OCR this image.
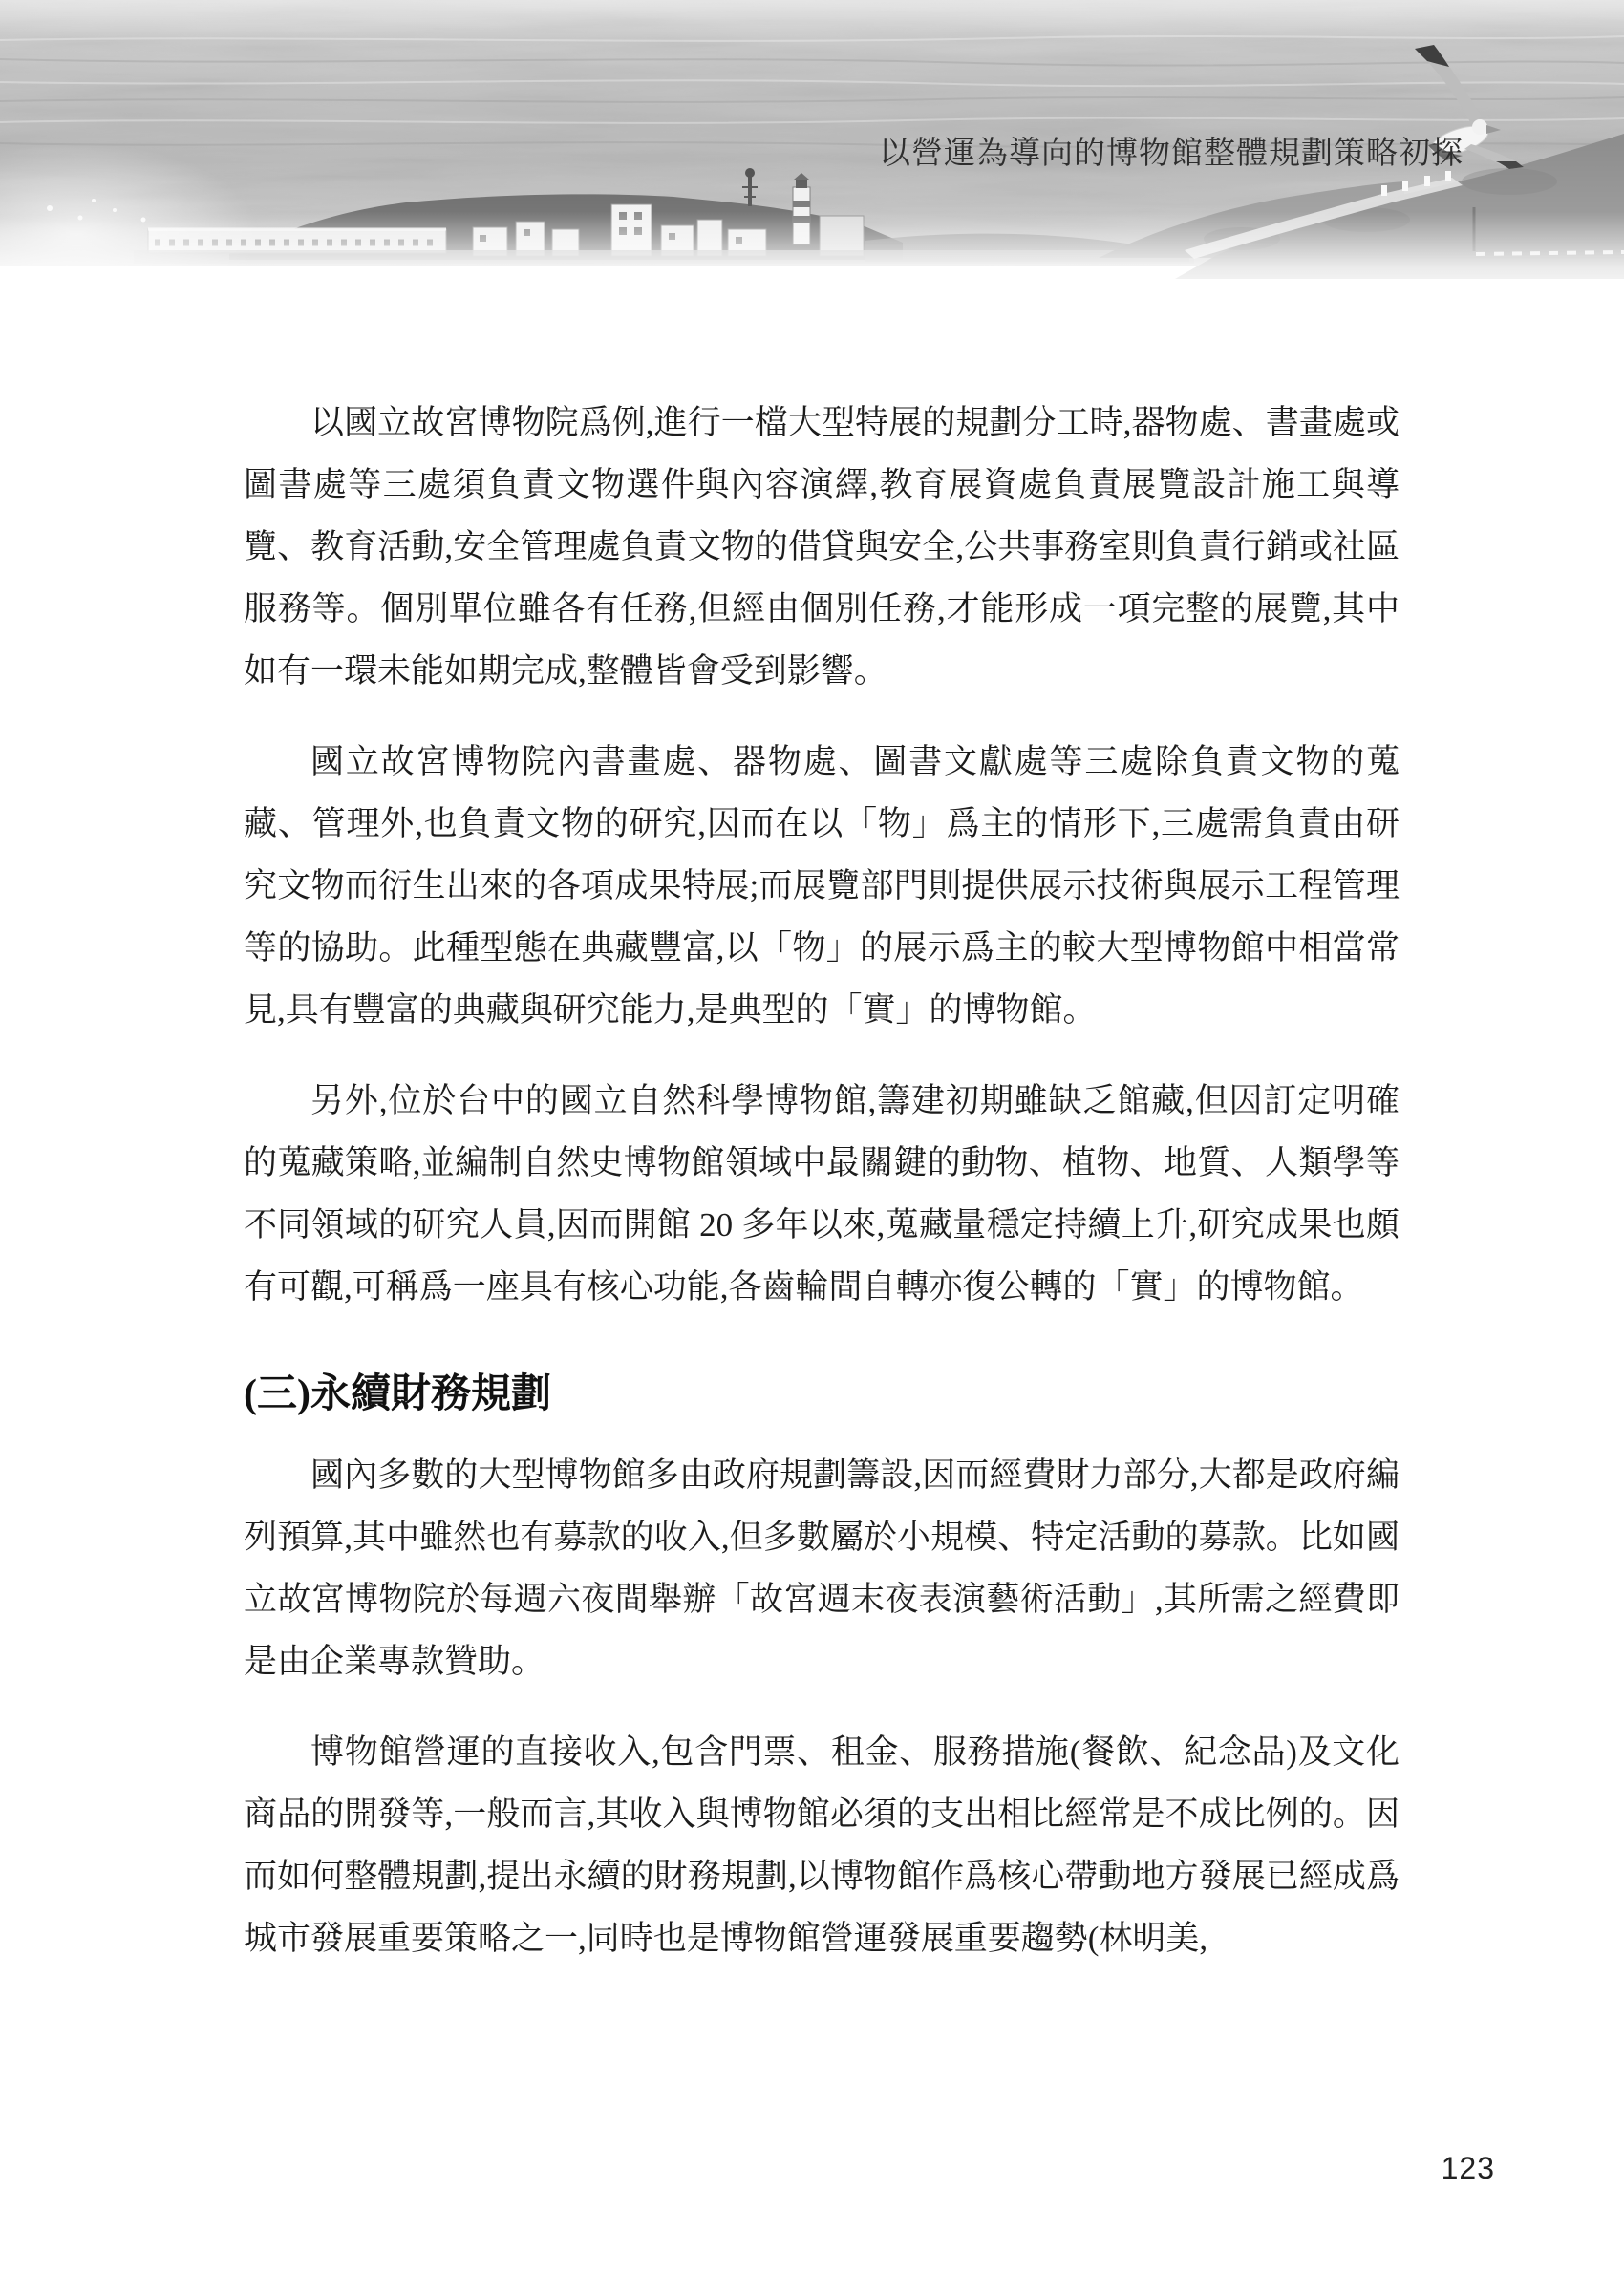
以營運為導向的博物館整體規劃策略初探

以國立故宮博物院爲例,進行一檔大型特展的規劃分工時,器物處、書畫處或圖書處等三處須負責文物選件與內容演繹,教育展資處負責展覽設計施工與導覽、教育活動,安全管理處負責文物的借貸與安全,公共事務室則負責行銷或社區服務等。個別單位雖各有任務,但經由個別任務,才能形成一項完整的展覽,其中如有一環未能如期完成,整體皆會受到影響。

國立故宮博物院內書畫處、器物處、圖書文獻處等三處除負責文物的蒐藏、管理外,也負責文物的研究,因而在以「物」爲主的情形下,三處需負責由研究文物而衍生出來的各項成果特展;而展覽部門則提供展示技術與展示工程管理等的協助。此種型態在典藏豐富,以「物」的展示爲主的較大型博物館中相當常見,具有豐富的典藏與研究能力,是典型的「實」的博物館。

另外,位於台中的國立自然科學博物館,籌建初期雖缺乏館藏,但因訂定明確的蒐藏策略,並編制自然史博物館領域中最關鍵的動物、植物、地質、人類學等不同領域的研究人員,因而開館 20 多年以來,蒐藏量穩定持續上升,研究成果也頗有可觀,可稱爲一座具有核心功能,各齒輪間自轉亦復公轉的「實」的博物館。

(三)永續財務規劃

國內多數的大型博物館多由政府規劃籌設,因而經費財力部分,大都是政府編列預算,其中雖然也有募款的收入,但多數屬於小規模、特定活動的募款。比如國立故宮博物院於每週六夜間舉辦「故宮週末夜表演藝術活動」,其所需之經費即是由企業專款贊助。

博物館營運的直接收入,包含門票、租金、服務措施(餐飲、紀念品)及文化商品的開發等,一般而言,其收入與博物館必須的支出相比經常是不成比例的。因而如何整體規劃,提出永續的財務規劃,以博物館作爲核心帶動地方發展已經成爲城市發展重要策略之一,同時也是博物館營運發展重要趨勢(林明美,

123
